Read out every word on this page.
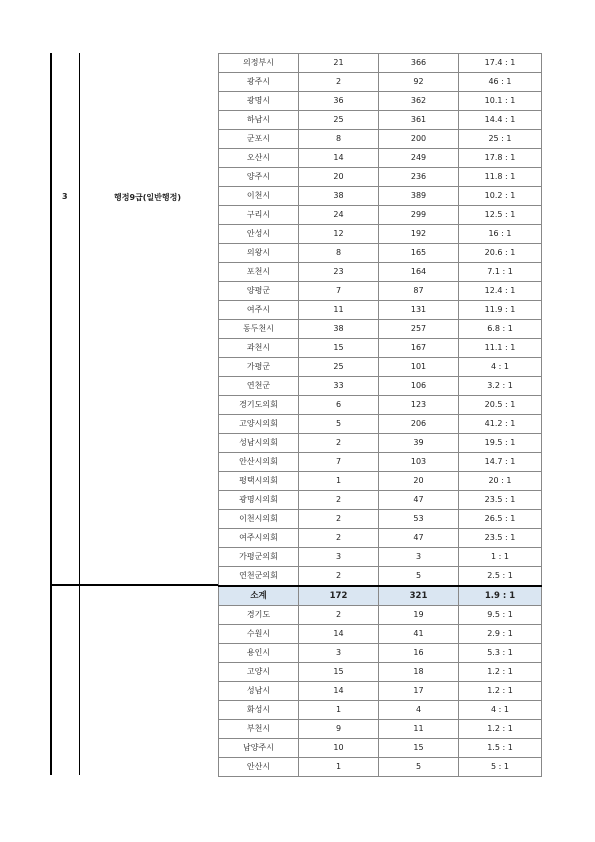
3	행정9급(일반행정)
의정부시	21	366	17.4 : 1
광주시	2	92	46 : 1
광명시	36	362	10.1 : 1
하남시	25	361	14.4 : 1
군포시	8	200	25 : 1
오산시	14	249	17.8 : 1
양주시	20	236	11.8 : 1
이천시	38	389	10.2 : 1
구리시	24	299	12.5 : 1
안성시	12	192	16 : 1
의왕시	8	165	20.6 : 1
포천시	23	164	7.1 : 1
양평군	7	87	12.4 : 1
여주시	11	131	11.9 : 1
동두천시	38	257	6.8 : 1
과천시	15	167	11.1 : 1
가평군	25	101	4 : 1
연천군	33	106	3.2 : 1
경기도의회	6	123	20.5 : 1
고양시의회	5	206	41.2 : 1
성남시의회	2	39	19.5 : 1
안산시의회	7	103	14.7 : 1
평택시의회	1	20	20 : 1
광명시의회	2	47	23.5 : 1
이천시의회	2	53	26.5 : 1
여주시의회	2	47	23.5 : 1
가평군의회	3	3	1 : 1
연천군의회	2	5	2.5 : 1
소계	172	321	1.9 : 1
경기도	2	19	9.5 : 1
수원시	14	41	2.9 : 1
용인시	3	16	5.3 : 1
고양시	15	18	1.2 : 1
성남시	14	17	1.2 : 1
화성시	1	4	4 : 1
부천시	9	11	1.2 : 1
남양주시	10	15	1.5 : 1
안산시	1	5	5 : 1
